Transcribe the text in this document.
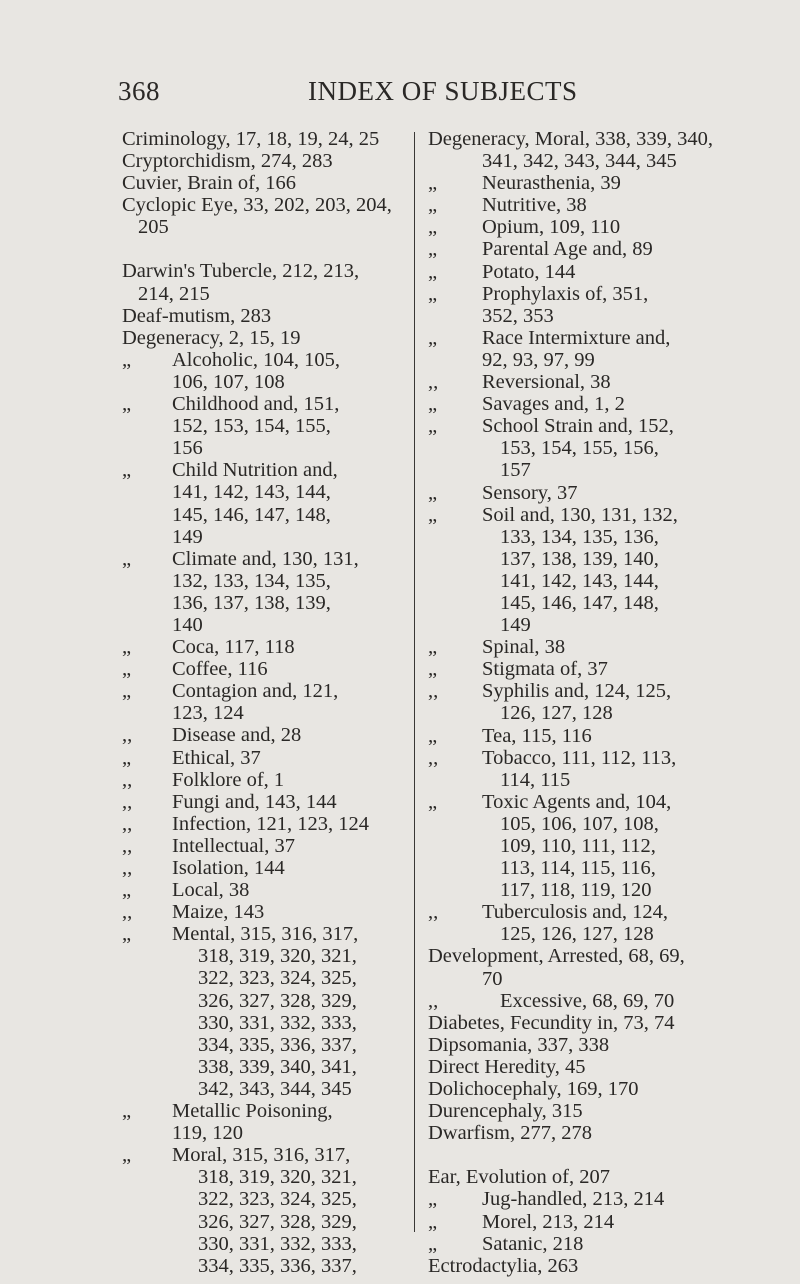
368	INDEX OF SUBJECTS
Criminology, 17, 18, 19, 24, 25
Cryptorchidism, 274, 283
Cuvier, Brain of, 166
Cyclopic Eye, 33, 202, 203, 204,
205
Darwin's Tubercle, 212, 213,
214, 215
Deaf-mutism, 283
Degeneracy, 2, 15, 19
„ Alcoholic, 104, 105,
106, 107, 108
„ Childhood and, 151,
152, 153, 154, 155,
156
„ Child Nutrition and,
141, 142, 143, 144,
145, 146, 147, 148,
149
„ Climate and, 130, 131,
132, 133, 134, 135,
136, 137, 138, 139,
140
„ Coca, 117, 118
„ Coffee, 116
„ Contagion and, 121,
123, 124
,, Disease and, 28
„ Ethical, 37
,, Folklore of, 1
,, Fungi and, 143, 144
,, Infection, 121, 123, 124
,, Intellectual, 37
,, Isolation, 144
„ Local, 38
,, Maize, 143
„ Mental, 315, 316, 317,
318, 319, 320, 321,
322, 323, 324, 325,
326, 327, 328, 329,
330, 331, 332, 333,
334, 335, 336, 337,
338, 339, 340, 341,
342, 343, 344, 345
„ Metallic Poisoning,
119, 120
„ Moral, 315, 316, 317,
318, 319, 320, 321,
322, 323, 324, 325,
326, 327, 328, 329,
330, 331, 332, 333,
334, 335, 336, 337,
Degeneracy, Moral, 338, 339, 340,
341, 342, 343, 344, 345
„ Neurasthenia, 39
„ Nutritive, 38
„ Opium, 109, 110
„ Parental Age and, 89
„ Potato, 144
„ Prophylaxis of, 351,
352, 353
„ Race Intermixture and,
92, 93, 97, 99
,, Reversional, 38
„ Savages and, 1, 2
„ School Strain and, 152,
153, 154, 155, 156,
157
„ Sensory, 37
„ Soil and, 130, 131, 132,
133, 134, 135, 136,
137, 138, 139, 140,
141, 142, 143, 144,
145, 146, 147, 148,
149
„ Spinal, 38
„ Stigmata of, 37
,, Syphilis and, 124, 125,
126, 127, 128
„ Tea, 115, 116
,, Tobacco, 111, 112, 113,
114, 115
„ Toxic Agents and, 104,
105, 106, 107, 108,
109, 110, 111, 112,
113, 114, 115, 116,
117, 118, 119, 120
,, Tuberculosis and, 124,
125, 126, 127, 128
Development, Arrested, 68, 69,
70
,,	Excessive, 68, 69, 70
Diabetes, Fecundity in, 73, 74
Dipsomania, 337, 338
Direct Heredity, 45
Dolichocephaly, 169, 170
Durencephaly, 315
Dwarfism, 277, 278
Ear, Evolution of, 207
„ Jug-handled, 213, 214
„ Morel, 213, 214
„ Satanic, 218
Ectrodactylia, 263
